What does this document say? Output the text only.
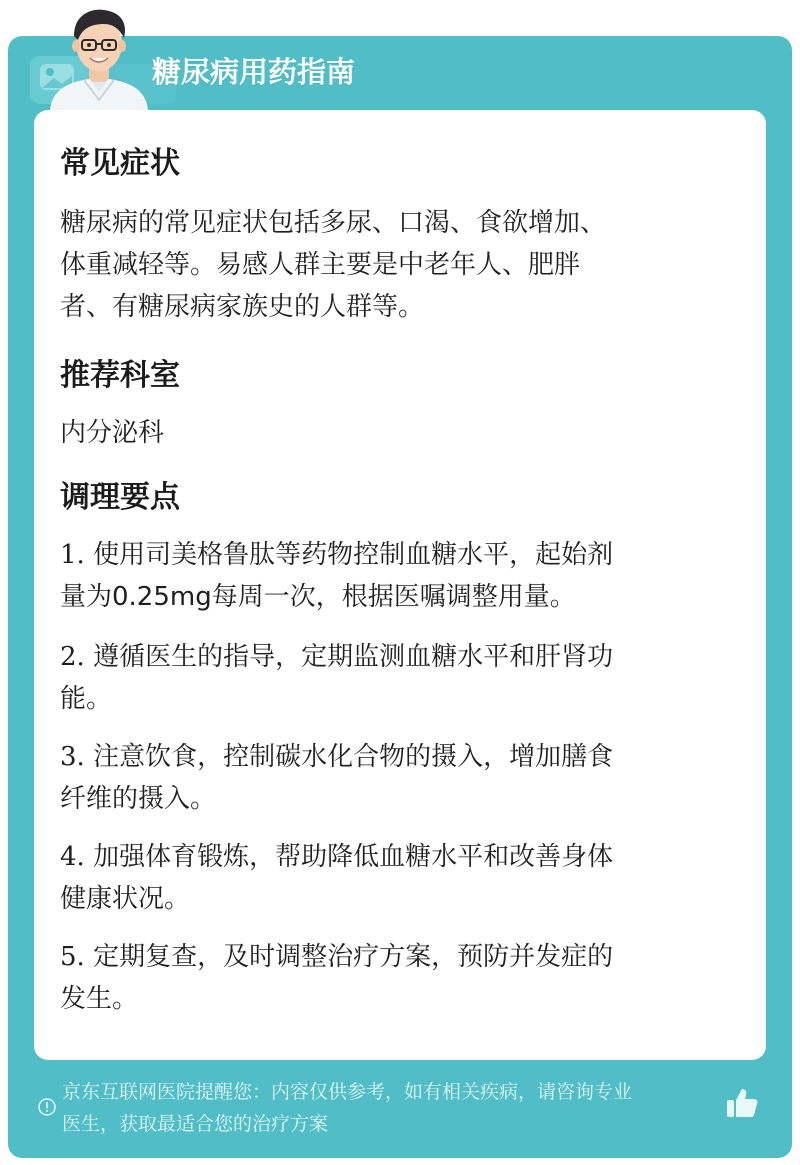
糖尿病用药指南
常见症状
糖尿病的常见症状包括多尿、口渴、食欲增加、
体重减轻等。易感人群主要是中老年人、肥胖
者、有糖尿病家族史的人群等。
推荐科室
内分泌科
调理要点
1. 使用司美格鲁肽等药物控制血糖水平，起始剂
量为0.25mg每周一次，根据医嘱调整用量。
2. 遵循医生的指导，定期监测血糖水平和肝肾功
能。
3. 注意饮食，控制碳水化合物的摄入，增加膳食
纤维的摄入。
4. 加强体育锻炼，帮助降低血糖水平和改善身体
健康状况。
5. 定期复查，及时调整治疗方案，预防并发症的
发生。
京东互联网医院提醒您：内容仅供参考，如有相关疾病，请咨询专业
医生，获取最适合您的治疗方案
